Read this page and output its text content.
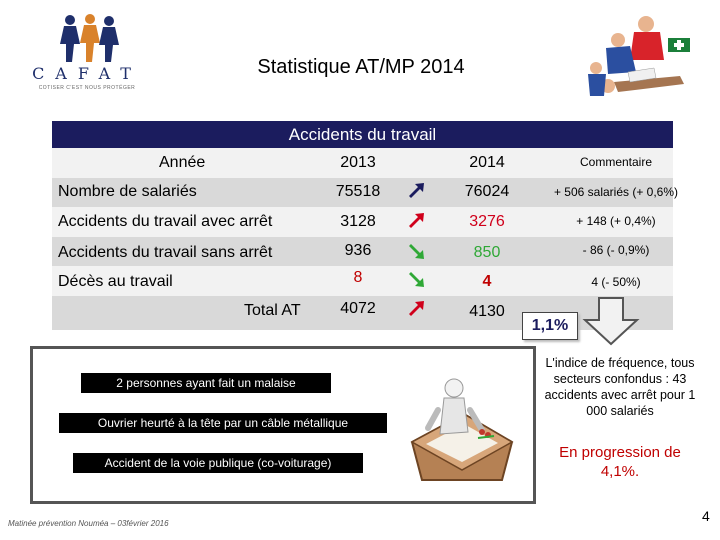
CAFAT
COTISER C'EST NOUS PROTÉGER
Statistique AT/MP 2014
Accidents du travail
Année	2013	2014	Commentaire
Nombre de salariés	75518	76024	+ 506 salariés (+ 0,6%)
Accidents du travail avec arrêt	3128	3276	+ 148 (+ 0,4%)
Accidents du travail sans arrêt	936	850	- 86 (- 0,9%)
Décès au travail	8	4	4 (- 50%)
Total AT	4072	4130
1,1%
2 personnes ayant fait un malaise
Ouvrier heurté à la tête par un câble métallique
Accident de la voie publique (co-voiturage)
L'indice de fréquence, tous secteurs confondus : 43 accidents avec arrêt pour 1 000 salariés
En progression de 4,1%.
Matinée prévention Nouméa – 03février 2016	4
